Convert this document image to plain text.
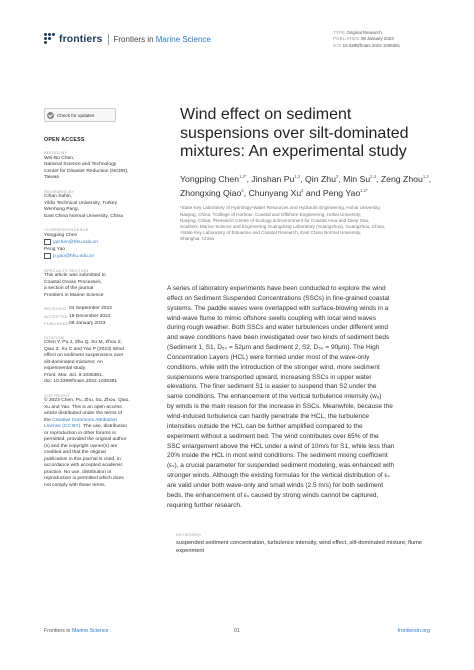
frontiers Frontiers in Marine Science
TYPE Original Research
PUBLISHED 09 January 2023
DOI 10.3389/fmars.2022.1036381
Check for updates
OPEN ACCESS
EDITED BY
Wei-Bo Chen,
National Science and Technology
Center for Disaster Reduction (NCDR),
Taiwan
REVIEWED BY
Cihan Sahin,
Yildiz Technical University, Turkey
Wenhong Pang,
East China Normal University, China
*CORRESPONDENCE
Yongping Chen
ypchen@hhu.edu.cn
Peng Yao
p.yao@hhu.edu.cn
SPECIALTY SECTION
This article was submitted to
Coastal Ocean Processes,
a section of the journal
Frontiers in Marine Science
RECEIVED 04 September 2022
ACCEPTED 19 December 2022
PUBLISHED 09 January 2023
CITATION
Chen Y, Pu J, Zhu Q, Su M, Zhou Z,
Qiao Z, Xu C and Yao P (2023) Wind
effect on sediment suspensions over
silt-dominated mixtures: An
experimental study.
Front. Mar. Sci. 9:1036381.
doi: 10.3389/fmars.2022.1036381
COPYRIGHT
© 2023 Chen, Pu, Zhu, Su, Zhou, Qiao,
Xu and Yao. This is an open-access
article distributed under the terms of
the Creative Commons Attribution
License (CC BY). The use, distribution
or reproduction in other forums is
permitted, provided the original author
(s) and the copyright owner(s) are
credited and that the original
publication in this journal is cited, in
accordance with accepted academic
practice. No use, distribution or
reproduction is permitted which does
not comply with these terms.
Wind effect on sediment suspensions over silt-dominated mixtures: An experimental study
Yongping Chen$^{1,2*}$, Jinshan Pu$^{1,2}$, Qin Zhu$^3$, Min Su$^{2,4}$, Zeng Zhou$^{1,2}$, Zhongxing Qiao$^2$, Chunyang Xu$^2$ and Peng Yao$^{1,2*}$
¹State Key Laboratory of Hydrology-Water Resources and Hydraulic Engineering, Hohai University,
Nanjing, China, ²College of Harbour, Coastal and Offshore Engineering, Hohai University,
Nanjing, China, ³Research Centre of Ecology & Environment for Coastal Area and Deep Sea,
Southern Marine Science and Engineering Guangdong Laboratory (Guangzhou), Guangzhou, China,
⁴State Key Laboratory of Estuarine and Coastal Research, East China Normal University,
Shanghai, China
A series of laboratory experiments have been conducted to explore the wind
effect on Sediment Suspended Concentrations (SSCs) in fine-grained coastal
systems. The paddle waves were overlapped with surface-blowing winds in a
wind-wave flume to mimic offshore swells coupling with local wind waves
during rough weather. Both SSCs and water turbulences under different wind
and wave conditions have been investigated over two kinds of sediment beds
(Sediment 1, S1, D₅₀ = 52μm and Sediment 2, S2, D₅₀ = 90μm). The High
Concentration Layers (HCL) were formed under most of the wave-only
conditions, while with the introduction of the stronger wind, more sediment
suspensions were transported upward, increasing SSCs in upper water
elevations. The finer sediment S1 is easier to suspend than S2 under the
same conditions. The enhancement of the vertical turbulence intensity (wᵤ)
by winds is the main reason for the increase in SSCs. Meanwhile, because the
wind-induced turbulence can hardly penetrate the HCL, the turbulence
intensities outside the HCL can be further amplified compared to the
experiment without a sediment bed. The wind contributes over 65% of the
SSC enlargement above the HCL under a wind of 10m/s for S1, while less than
20% inside the HCL in most wind conditions. The sediment mixing coefficient
(εₛ), a crucial parameter for suspended sediment modeling, was enhanced with
stronger winds. Although the existing formulas for the vertical distribution of εₛ
are valid under both wave-only and small winds (2.5 m/s) for both sediment
beds, the enhancement of εₛ caused by strong winds cannot be captured,
requiring further research.
KEYWORDS
suspended sediment concentration, turbulence intensity, wind effect, silt-dominated mixture, flume experiment
Frontiers in Marine Science	01	frontiersin.org
